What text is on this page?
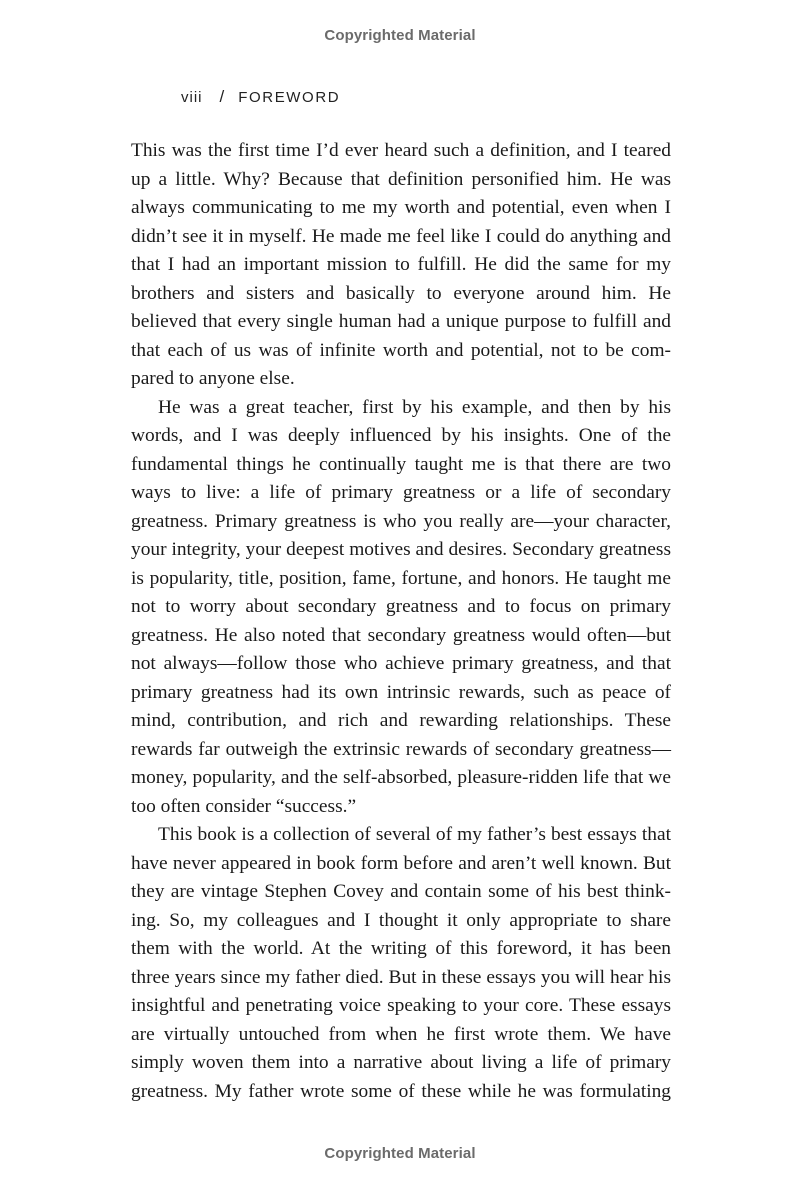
Copyrighted Material
viii / FOREWORD

This was the first time I’d ever heard such a definition, and I teared up a little. Why? Because that definition personified him. He was always communicating to me my worth and potential, even when I didn’t see it in myself. He made me feel like I could do anything and that I had an important mission to fulfill. He did the same for my brothers and sisters and basically to everyone around him. He believed that every single human had a unique purpose to fulfill and that each of us was of infinite worth and potential, not to be compared to anyone else.

He was a great teacher, first by his example, and then by his words, and I was deeply influenced by his insights. One of the fundamental things he continually taught me is that there are two ways to live: a life of primary greatness or a life of secondary greatness. Primary greatness is who you really are—your character, your integrity, your deepest motives and desires. Secondary greatness is popularity, title, position, fame, fortune, and honors. He taught me not to worry about secondary greatness and to focus on primary greatness. He also noted that secondary greatness would often—but not always—follow those who achieve primary greatness, and that primary greatness had its own intrinsic rewards, such as peace of mind, contribution, and rich and rewarding relationships. These rewards far outweigh the extrinsic rewards of secondary greatness—money, popularity, and the self-absorbed, pleasure-ridden life that we too often consider “success.”

This book is a collection of several of my father’s best essays that have never appeared in book form before and aren’t well known. But they are vintage Stephen Covey and contain some of his best thinking. So, my colleagues and I thought it only appropriate to share them with the world. At the writing of this foreword, it has been three years since my father died. But in these essays you will hear his insightful and penetrating voice speaking to your core. These essays are virtually untouched from when he first wrote them. We have simply woven them into a narrative about living a life of primary greatness. My father wrote some of these while he was formulating

Copyrighted Material
